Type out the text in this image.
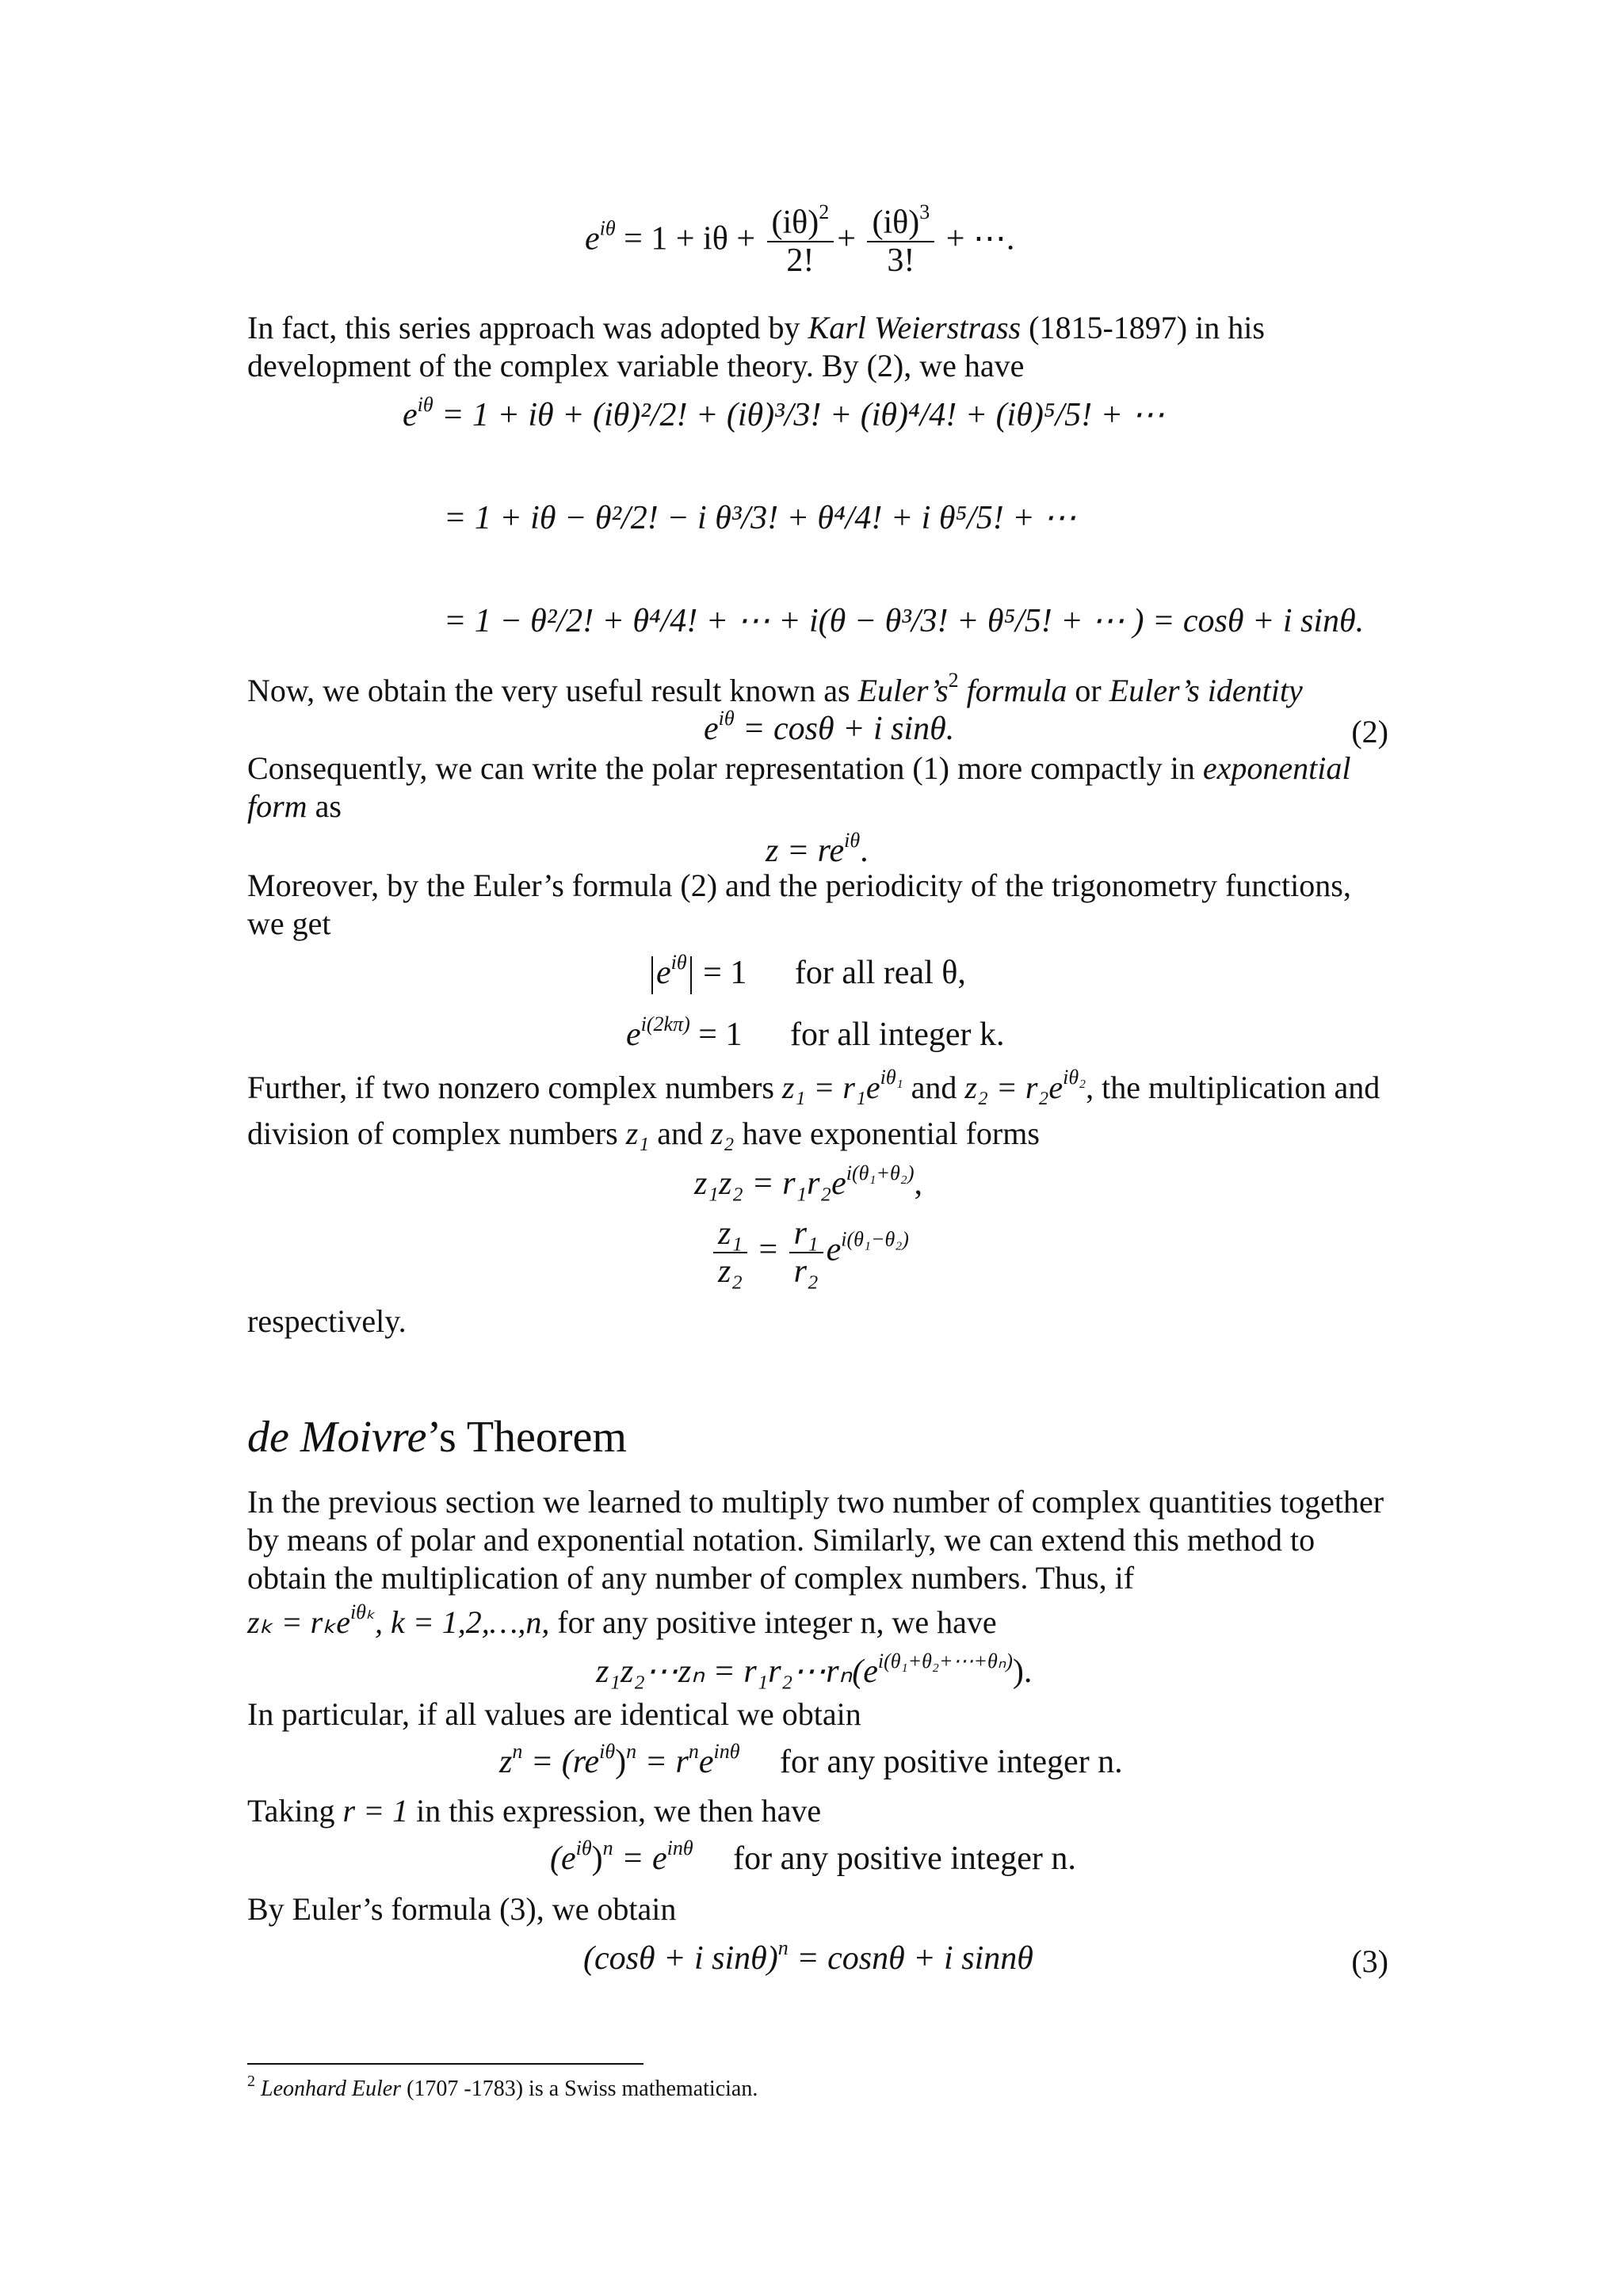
$e^{i\theta} = 1 + i\theta + \frac{(i\theta)^2}{2!} + \frac{(i\theta)^3}{3!}$ + ⋯.
In fact, this series approach was adopted by Karl Weierstrass (1815-1897) in his development of the complex variable theory. By (2), we have
$e^{i\theta} = 1 + i\theta + (i\theta)^2/2$! + (iθ)³/3! + (iθ)⁴/4! + (iθ)⁵/5! + ⋯
= 1 + iθ − θ²/2! − i θ³/3! + θ⁴/4! + i θ⁵/5! + ⋯
= 1 − θ²/2! + θ⁴/4! + ⋯ + i(θ − θ³/3! + θ⁵/5! + ⋯ ) = cosθ + i sinθ.
Now, we obtain the very useful result known as $Euler’s^2$ formula or Euler’s identity
$e^{i\theta} = \cos\theta + i$ sinθ.	(2)
Consequently, we can write the polar representation (1) more compactly in exponential form as
$z = re^{i\theta}$.
Moreover, by the Euler’s formula (2) and the periodicity of the trigonometry functions, we get
$e^{i\theta} = 1$ for all real θ,
$e^{i(2k\pi)} = 1$ for all integer k.
Further, if two nonzero complex numbers $z_1 = r_1e^{i\theta_1}$ and $z_2 = r_2e^{i\theta_2}$, the multiplication and division of complex numbers z₁ and z₂ have exponential forms
$z_1z_2 = r_1r_2e^{i(\theta_1+\theta_2)}$,
$\frac{\text{z₁}}{\text{z₂}} = \frac{\text{r₁}}{\text{r₂}} e^{i(\theta_1-\theta_2)}$
respectively.
de Moivre’s Theorem
In the previous section we learned to multiply two number of complex quantities together by means of polar and exponential notation. Similarly, we can extend this method to obtain the multiplication of any number of complex numbers. Thus, if
zₖ = rₖe$^{i\theta_k}$, k = 1,2,…,n, for any positive integer n, we have
z₁z₂⋯zₙ = $r_1r_2\cdots r_n(e^{i(\theta_1+\theta_2+\cdots+\theta_n)})$.
In particular, if all values are identical we obtain
$z^n = (re^{i\theta})^n = r^ne^{in\theta}$ for any positive integer n.
Taking r = 1 in this expression, we then have
$(e^{i\theta})^n = e^{in\theta}$ for any positive integer n.
By Euler’s formula (3), we obtain
(cosθ + i sinθ)$^n$ = cosnθ + i sinnθ	(3)
$^2$ Leonhard Euler (1707 -1783) is a Swiss mathematician.
